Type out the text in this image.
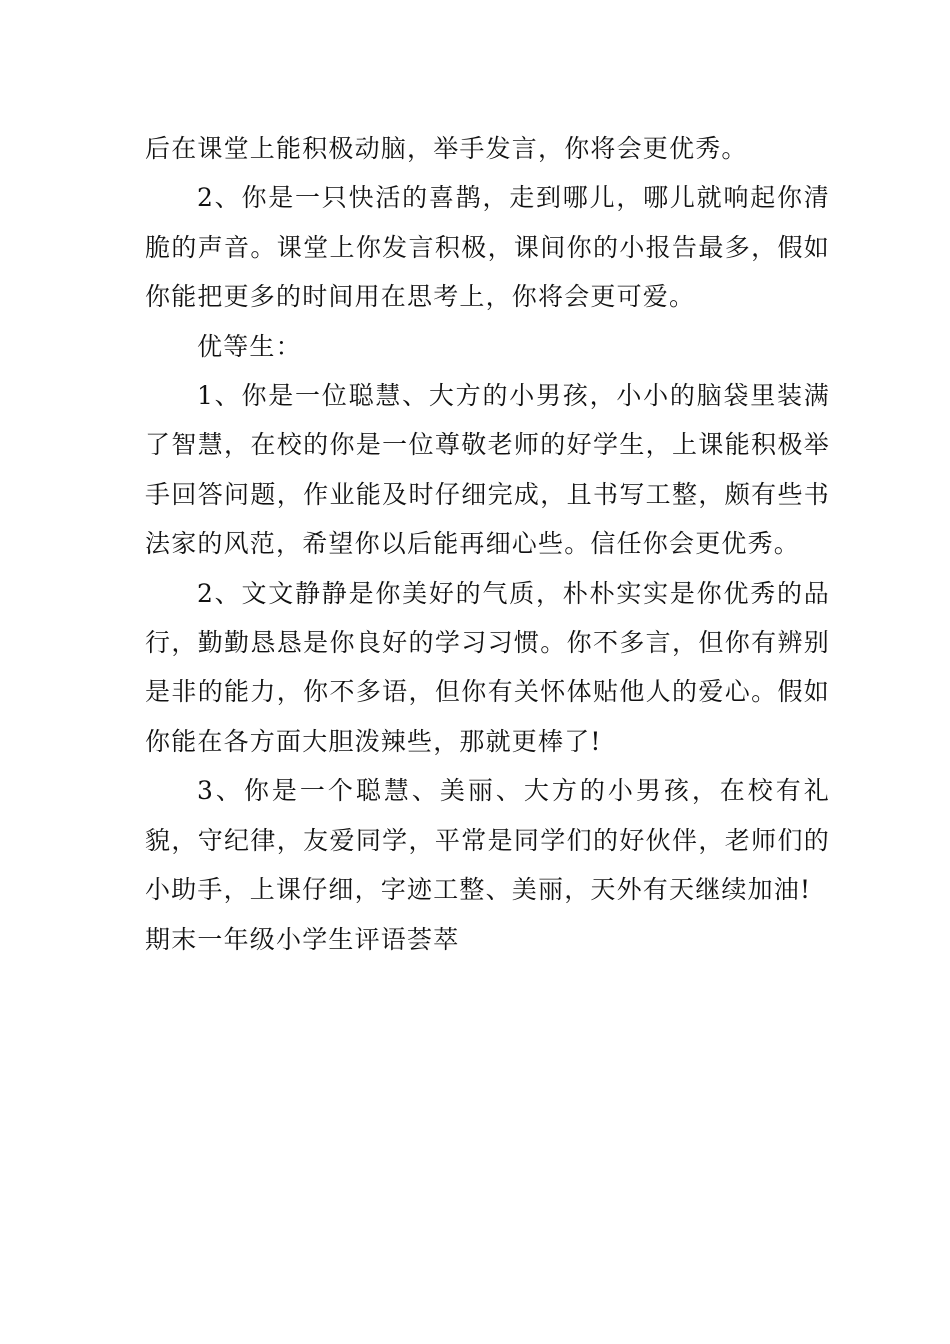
后在课堂上能积极动脑，举手发言，你将会更优秀。

2、你是一只快活的喜鹊，走到哪儿，哪儿就响起你清脆的声音。课堂上你发言积极，课间你的小报告最多，假如你能把更多的时间用在思考上，你将会更可爱。

优等生：

1、你是一位聪慧、大方的小男孩，小小的脑袋里装满了智慧，在校的你是一位尊敬老师的好学生，上课能积极举手回答问题，作业能及时仔细完成，且书写工整，颇有些书法家的风范，希望你以后能再细心些。信任你会更优秀。

2、文文静静是你美好的气质，朴朴实实是你优秀的品行，勤勤恳恳是你良好的学习习惯。你不多言，但你有辨别是非的能力，你不多语，但你有关怀体贴他人的爱心。假如你能在各方面大胆泼辣些，那就更棒了!

3、你是一个聪慧、美丽、大方的小男孩，在校有礼貌，守纪律，友爱同学，平常是同学们的好伙伴，老师们的小助手，上课仔细，字迹工整、美丽，天外有天继续加油!

期末一年级小学生评语荟萃
